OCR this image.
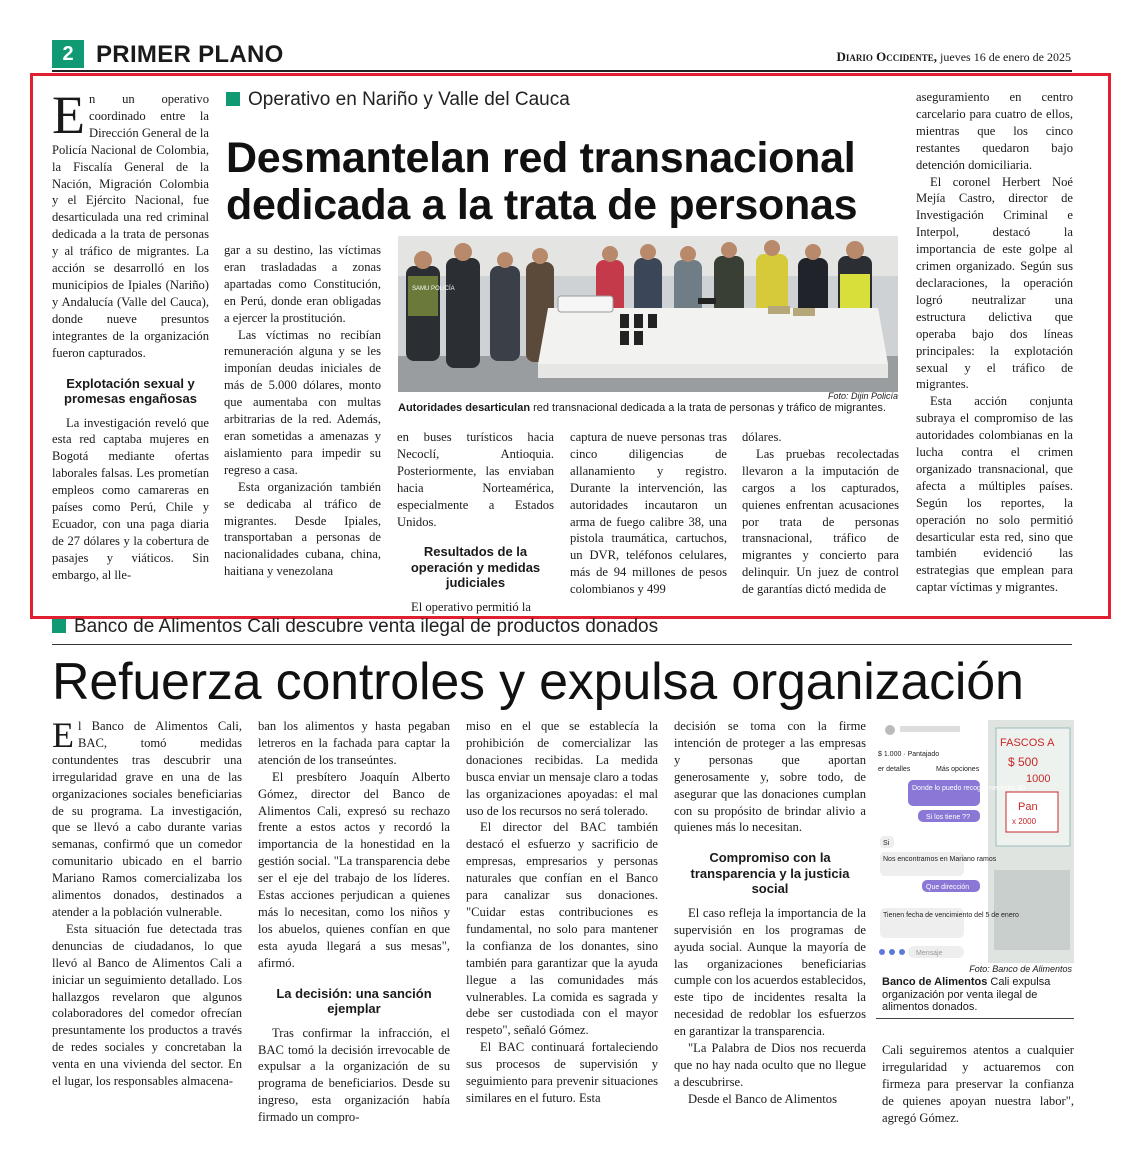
2 PRIMER PLANO	Diario Occidente, jueves 16 de enero de 2025
Operativo en Nariño y Valle del Cauca
Desmantelan red transnacional dedicada a la trata de personas

En un operativo coordinado entre la Dirección General de la Policía Nacional de Colombia, la Fiscalía General de la Nación, Migración Colombia y el Ejército Nacional, fue desarticulada una red criminal dedicada a la trata de personas y al tráfico de migrantes. La acción se desarrolló en los municipios de Ipiales (Nariño) y Andalucía (Valle del Cauca), donde nueve presuntos integrantes de la organización fueron capturados.

Explotación sexual y promesas engañosas

La investigación reveló que esta red captaba mujeres en Bogotá mediante ofertas laborales falsas. Les prometían empleos como camareras en países como Perú, Chile y Ecuador, con una paga diaria de 27 dólares y la cobertura de pasajes y viáticos. Sin embargo, al lle-

gar a su destino, las víctimas eran trasladadas a zonas apartadas como Constitución, en Perú, donde eran obligadas a ejercer la prostitución.

Las víctimas no recibían remuneración alguna y se les imponían deudas iniciales de más de 5.000 dólares, monto que aumentaba con multas arbitrarias de la red. Además, eran sometidas a amenazas y aislamiento para impedir su regreso a casa.

Esta organización también se dedicaba al tráfico de migrantes. Desde Ipiales, transportaban a personas de nacionalidades cubana, china, haitiana y venezolana

SAMU POLICÍA
Foto: Dijin Policía
Autoridades desarticulan red transnacional dedicada a la trata de personas y tráfico de migrantes.

en buses turísticos hacia Necoclí, Antioquia. Posteriormente, las enviaban hacia Norteamérica, especialmente a Estados Unidos.

Resultados de la operación y medidas judiciales

El operativo permitió la

captura de nueve personas tras cinco diligencias de allanamiento y registro. Durante la intervención, las autoridades incautaron un arma de fuego calibre 38, una pistola traumática, cartuchos, un DVR, teléfonos celulares, más de 94 millones de pesos colombianos y 499

dólares.

Las pruebas recolectadas llevaron a la imputación de cargos a los capturados, quienes enfrentan acusaciones por trata de personas transnacional, tráfico de migrantes y concierto para delinquir. Un juez de control de garantías dictó medida de

aseguramiento en centro carcelario para cuatro de ellos, mientras que los cinco restantes quedaron bajo detención domiciliaria.

El coronel Herbert Noé Mejía Castro, director de Investigación Criminal e Interpol, destacó la importancia de este golpe al crimen organizado. Según sus declaraciones, la operación logró neutralizar una estructura delictiva que operaba bajo dos líneas principales: la explotación sexual y el tráfico de migrantes.

Esta acción conjunta subraya el compromiso de las autoridades colombianas en la lucha contra el crimen organizado transnacional, que afecta a múltiples países. Según los reportes, la operación no solo permitió desarticular esta red, sino que también evidenció las estrategias que emplean para captar víctimas y migrantes.

Banco de Alimentos Cali descubre venta ilegal de productos donados
Refuerza controles y expulsa organización

El Banco de Alimentos Cali, BAC, tomó medidas contundentes tras descubrir una irregularidad grave en una de las organizaciones sociales beneficiarias de su programa. La investigación, que se llevó a cabo durante varias semanas, confirmó que un comedor comunitario ubicado en el barrio Mariano Ramos comercializaba los alimentos donados, destinados a atender a la población vulnerable.

Esta situación fue detectada tras denuncias de ciudadanos, lo que llevó al Banco de Alimentos Cali a iniciar un seguimiento detallado. Los hallazgos revelaron que algunos colaboradores del comedor ofrecían presuntamente los productos a través de redes sociales y concretaban la venta en una vivienda del sector. En el lugar, los responsables almacena-

ban los alimentos y hasta pegaban letreros en la fachada para captar la atención de los transeúntes.

El presbítero Joaquín Alberto Gómez, director del Banco de Alimentos Cali, expresó su rechazo frente a estos actos y recordó la importancia de la honestidad en la gestión social. "La transparencia debe ser el eje del trabajo de los líderes. Estas acciones perjudican a quienes más lo necesitan, como los niños y los abuelos, quienes confían en que esta ayuda llegará a sus mesas", afirmó.

La decisión: una sanción ejemplar

Tras confirmar la infracción, el BAC tomó la decisión irrevocable de expulsar a la organización de su programa de beneficiarios. Desde su ingreso, esta organización había firmado un compro-

miso en el que se establecía la prohibición de comercializar las donaciones recibidas. La medida busca enviar un mensaje claro a todas las organizaciones apoyadas: el mal uso de los recursos no será tolerado.

El director del BAC también destacó el esfuerzo y sacrificio de empresas, empresarios y personas naturales que confían en el Banco para canalizar sus donaciones. "Cuidar estas contribuciones es fundamental, no solo para mantener la confianza de los donantes, sino también para garantizar que la ayuda llegue a las comunidades más vulnerables. La comida es sagrada y debe ser custodiada con el mayor respeto", señaló Gómez.

El BAC continuará fortaleciendo sus procesos de supervisión y seguimiento para prevenir situaciones similares en el futuro. Esta

decisión se toma con la firme intención de proteger a las empresas y personas que aportan generosamente y, sobre todo, de asegurar que las donaciones cumplan con su propósito de brindar alivio a quienes más lo necesitan.

Compromiso con la transparencia y la justicia social

El caso refleja la importancia de la supervisión en los programas de ayuda social. Aunque la mayoría de las organizaciones beneficiarias cumple con los acuerdos establecidos, este tipo de incidentes resalta la necesidad de redoblar los esfuerzos en garantizar la transparencia.

"La Palabra de Dios nos recuerda que no hay nada oculto que no llegue a descubrirse.

Desde el Banco de Alimentos

FASCOS A
$ 500
1000
Pan
x 2000
$ 1.000 · Pantajado
er detalles	Más opciones
Donde lo puedo recoger necesito 30
Si los tiene ??
Si
Nos encontramos en Mariano ramos
Que dirección
Tienen fecha de vencimiento del 5 de enero
Mensaje
Foto: Banco de Alimentos
Banco de Alimentos Cali expulsa organización por venta ilegal de alimentos donados.

Cali seguiremos atentos a cualquier irregularidad y actuaremos con firmeza para preservar la confianza de quienes apoyan nuestra labor", agregó Gómez.
